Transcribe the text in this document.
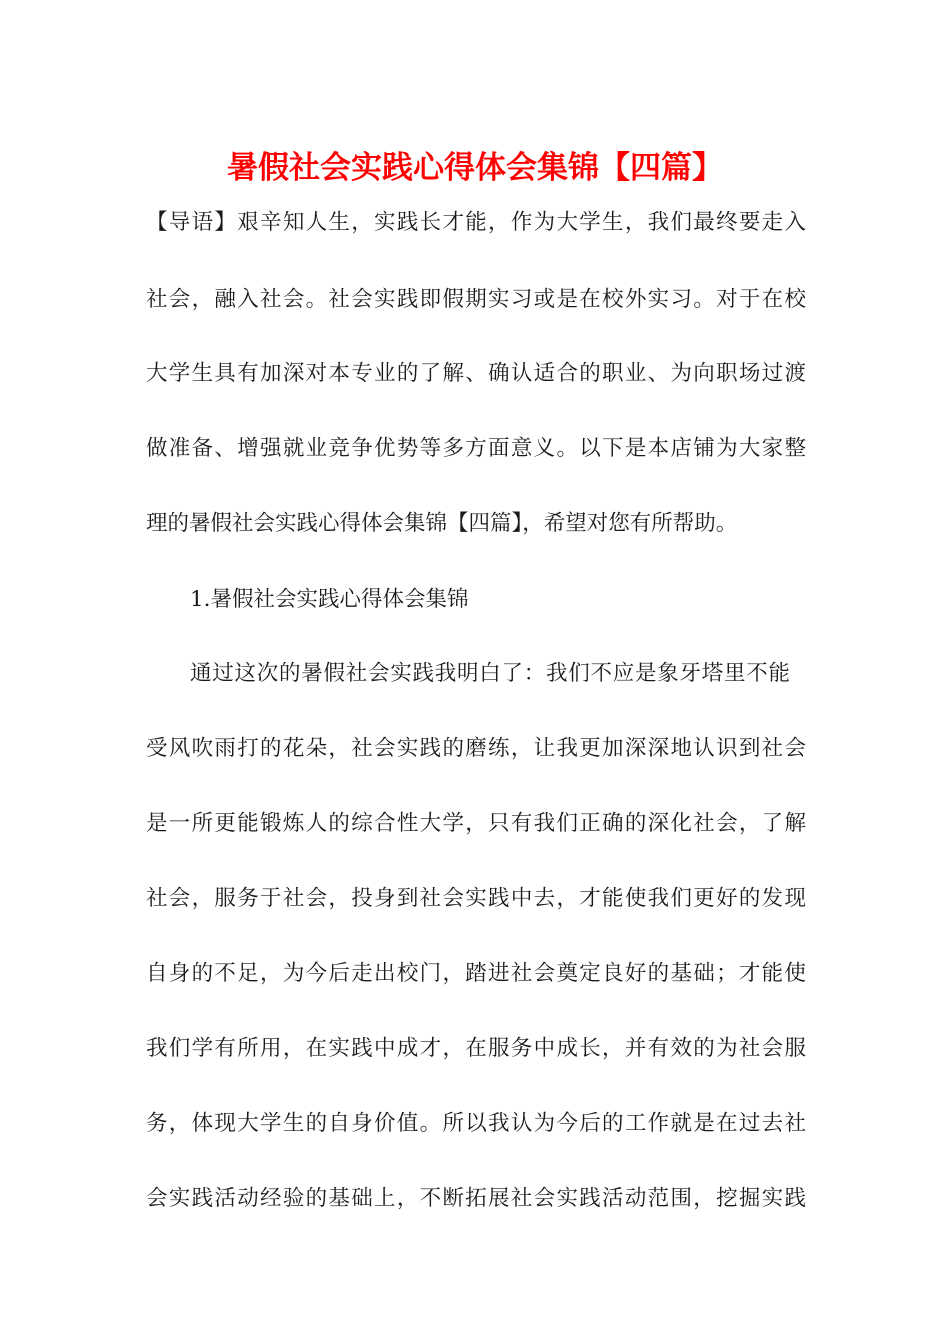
暑假社会实践心得体会集锦【四篇】
【导语】艰辛知人生，实践长才能，作为大学生，我们最终要走入
社会，融入社会。社会实践即假期实习或是在校外实习。对于在校
大学生具有加深对本专业的了解、确认适合的职业、为向职场过渡
做准备、增强就业竞争优势等多方面意义。以下是本店铺为大家整
理的暑假社会实践心得体会集锦【四篇】，希望对您有所帮助。
1.暑假社会实践心得体会集锦
通过这次的暑假社会实践我明白了：我们不应是象牙塔里不能
受风吹雨打的花朵，社会实践的磨练，让我更加深深地认识到社会
是一所更能锻炼人的综合性大学，只有我们正确的深化社会，了解
社会，服务于社会，投身到社会实践中去，才能使我们更好的发现
自身的不足，为今后走出校门，踏进社会奠定良好的基础；才能使
我们学有所用，在实践中成才，在服务中成长，并有效的为社会服
务，体现大学生的自身价值。所以我认为今后的工作就是在过去社
会实践活动经验的基础上，不断拓展社会实践活动范围，挖掘实践
